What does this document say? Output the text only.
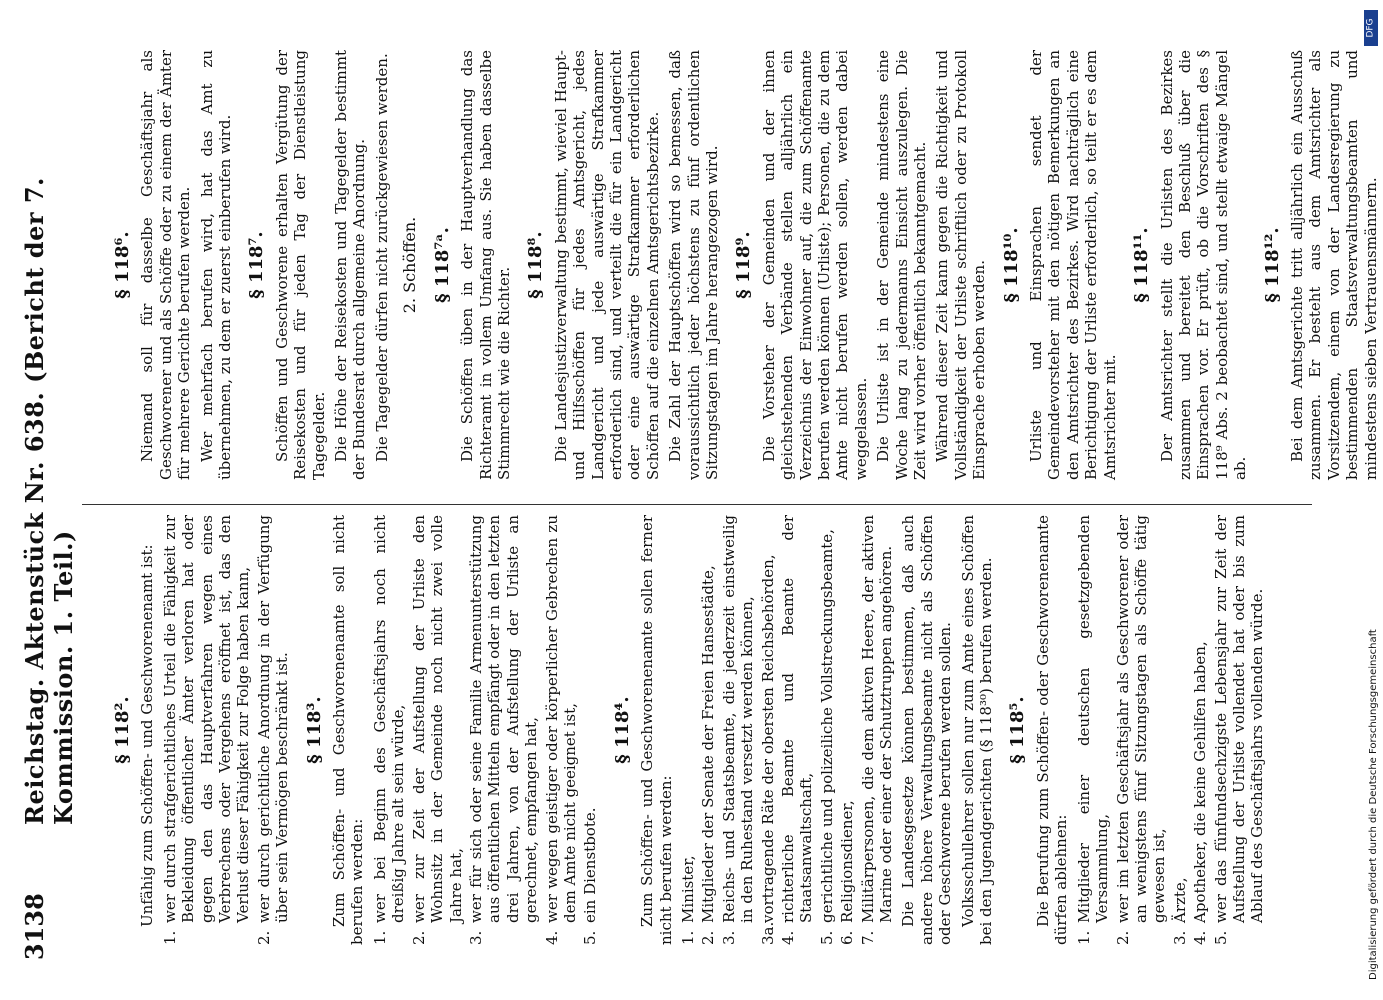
3138
Reichstag. Aktenstück Nr. 638. (Bericht der 7. Kommission. 1. Teil.) § 118². Unfähig zum Schöffen- und Geschworenenamt ist:

1.
wer durch strafgerichtliches Urteil die Fähigkeit zur Bekleidung öffentlicher Ämter verloren hat oder gegen den das Hauptverfahren wegen eines Verbrechens oder Vergehens eröffnet ist, das den Verlust dieser Fähigkeit zur Folge haben kann,
2.
wer durch gerichtliche Anordnung in der Verfügung über sein Vermögen beschränkt ist. § 118³. Zum Schöffen- und Geschworenenamte soll nicht berufen werden: 1.
wer bei Beginn des Geschäftsjahrs noch nicht dreißig Jahre alt sein würde,
2.
wer zur Zeit der Aufstellung der Urliste den Wohnsitz in der Gemeinde noch nicht zwei volle Jahre hat,
3.
wer für sich oder seine Familie Armenunterstützung aus öffentlichen Mitteln empfängt oder in den letzten drei Jahren, von der Aufstellung der Urliste an gerechnet, empfangen hat,
4.
wer wegen geistiger oder körperlicher Gebrechen zu dem Amte nicht geeignet ist,
5.
ein Dienstbote.
§ 118⁴. Zum Schöffen- und Geschworenenamte sollen ferner nicht berufen werden: 1.
Minister,
2.
Mitglieder der Senate der Freien Hansestädte,
3.
Reichs- und Staatsbeamte, die jederzeit einstweilig in den Ruhestand versetzt werden können,
3a.
vortragende Räte der obersten Reichsbehörden,
4.
richterliche Beamte und Beamte der Staatsanwaltschaft,
5.
gerichtliche und polizeiliche Vollstreckungsbeamte,
6.
Religionsdiener,
7.
Militärpersonen, die dem aktiven Heere, der aktiven Marine oder einer der Schutztruppen angehören. Die Landesgesetze können bestimmen, daß auch andere höhere Verwaltungsbeamte nicht als Schöffen oder Geschworene berufen werden sollen. Volksschullehrer sollen nur zum Amte eines Schöffen bei den Jugendgerichten (§ 118³⁰) berufen werden. § 118⁵. Die Berufung zum Schöffen- oder Geschworenenamte dürfen ablehnen: 1.
Mitglieder einer deutschen gesetzgebenden Versammlung,
2.
wer im letzten Geschäftsjahr als Geschworener oder an wenigstens fünf Sitzungstagen als Schöffe tätig gewesen ist,
3.
Ärzte,
4.
Apotheker, die keine Gehilfen haben,
5.
wer das fünfundsechzigste Lebensjahr zur Zeit der Aufstellung der Urliste vollendet hat oder bis zum Ablauf des Geschäftsjahrs vollenden würde.
§ 118⁶. Niemand soll für dasselbe Geschäftsjahr als Geschworener und als Schöffe oder zu einem der Ämter für mehrere Gerichte berufen werden. Wer mehrfach berufen wird, hat das Amt zu übernehmen, zu dem er zuerst einberufen wird. § 118⁷. Schöffen und Geschworene erhalten Vergütung der Reisekosten und für jeden Tag der Dienstleistung Tagegelder. Die Höhe der Reisekosten und Tagegelder bestimmt der Bundesrat durch allgemeine Anordnung. Die Tagegelder dürfen nicht zurückgewiesen werden. 2. Schöffen. § 118⁷ᵃ. Die Schöffen üben in der Hauptverhandlung das Richteramt in vollem Umfang aus. Sie haben dasselbe Stimmrecht wie die Richter.

§ 118⁸. Die Landesjustizverwaltung bestimmt, wieviel Haupt- und Hilfsschöffen für jedes Amtsgericht, jedes Landgericht und jede auswärtige Strafkammer erforderlich sind, und verteilt die für ein Landgericht oder eine auswärtige Strafkammer erforderlichen Schöffen auf die einzelnen Amtsgerichtsbezirke. Die Zahl der Hauptschöffen wird so bemessen, daß voraussichtlich jeder höchstens zu fünf ordentlichen Sitzungstagen im Jahre herangezogen wird. § 118⁹. Die Vorsteher der Gemeinden und der ihnen gleichstehenden Verbände stellen alljährlich ein Verzeichnis der Einwohner auf, die zum Schöffenamte berufen werden können (Urliste); Personen, die zu dem Amte nicht berufen werden sollen, werden dabei weggelassen. Die Urliste ist in der Gemeinde mindestens eine Woche lang zu jedermanns Einsicht auszulegen. Die Zeit wird vorher öffentlich bekanntgemacht. Während dieser Zeit kann gegen die Richtigkeit und Vollständigkeit der Urliste schriftlich oder zu Protokoll Einsprache erhoben werden. § 118¹⁰. Urliste und Einsprachen sendet der Gemeindevorsteher mit den nötigen Bemerkungen an den Amtsrichter des Bezirkes. Wird nachträglich eine Berichtigung der Urliste erforderlich, so teilt er es dem Amtsrichter mit.

§ 118¹¹. Der Amtsrichter stellt die Urlisten des Bezirkes zusammen und bereitet den Beschluß über die Einsprachen vor. Er prüft, ob die Vorschriften des § 118⁹ Abs. 2 beobachtet sind, und stellt etwaige Mängel ab.

§ 118¹². Bei dem Amtsgerichte tritt alljährlich ein Ausschuß zusammen. Er besteht aus dem Amtsrichter als Vorsitzendem, einem von der Landesregierung zu bestimmenden Staatsverwaltungsbeamten und mindestens sieben Vertrauensmännern.

DFG
Digitalisierung gefördert durch die Deutsche Forschungsgemeinschaft
